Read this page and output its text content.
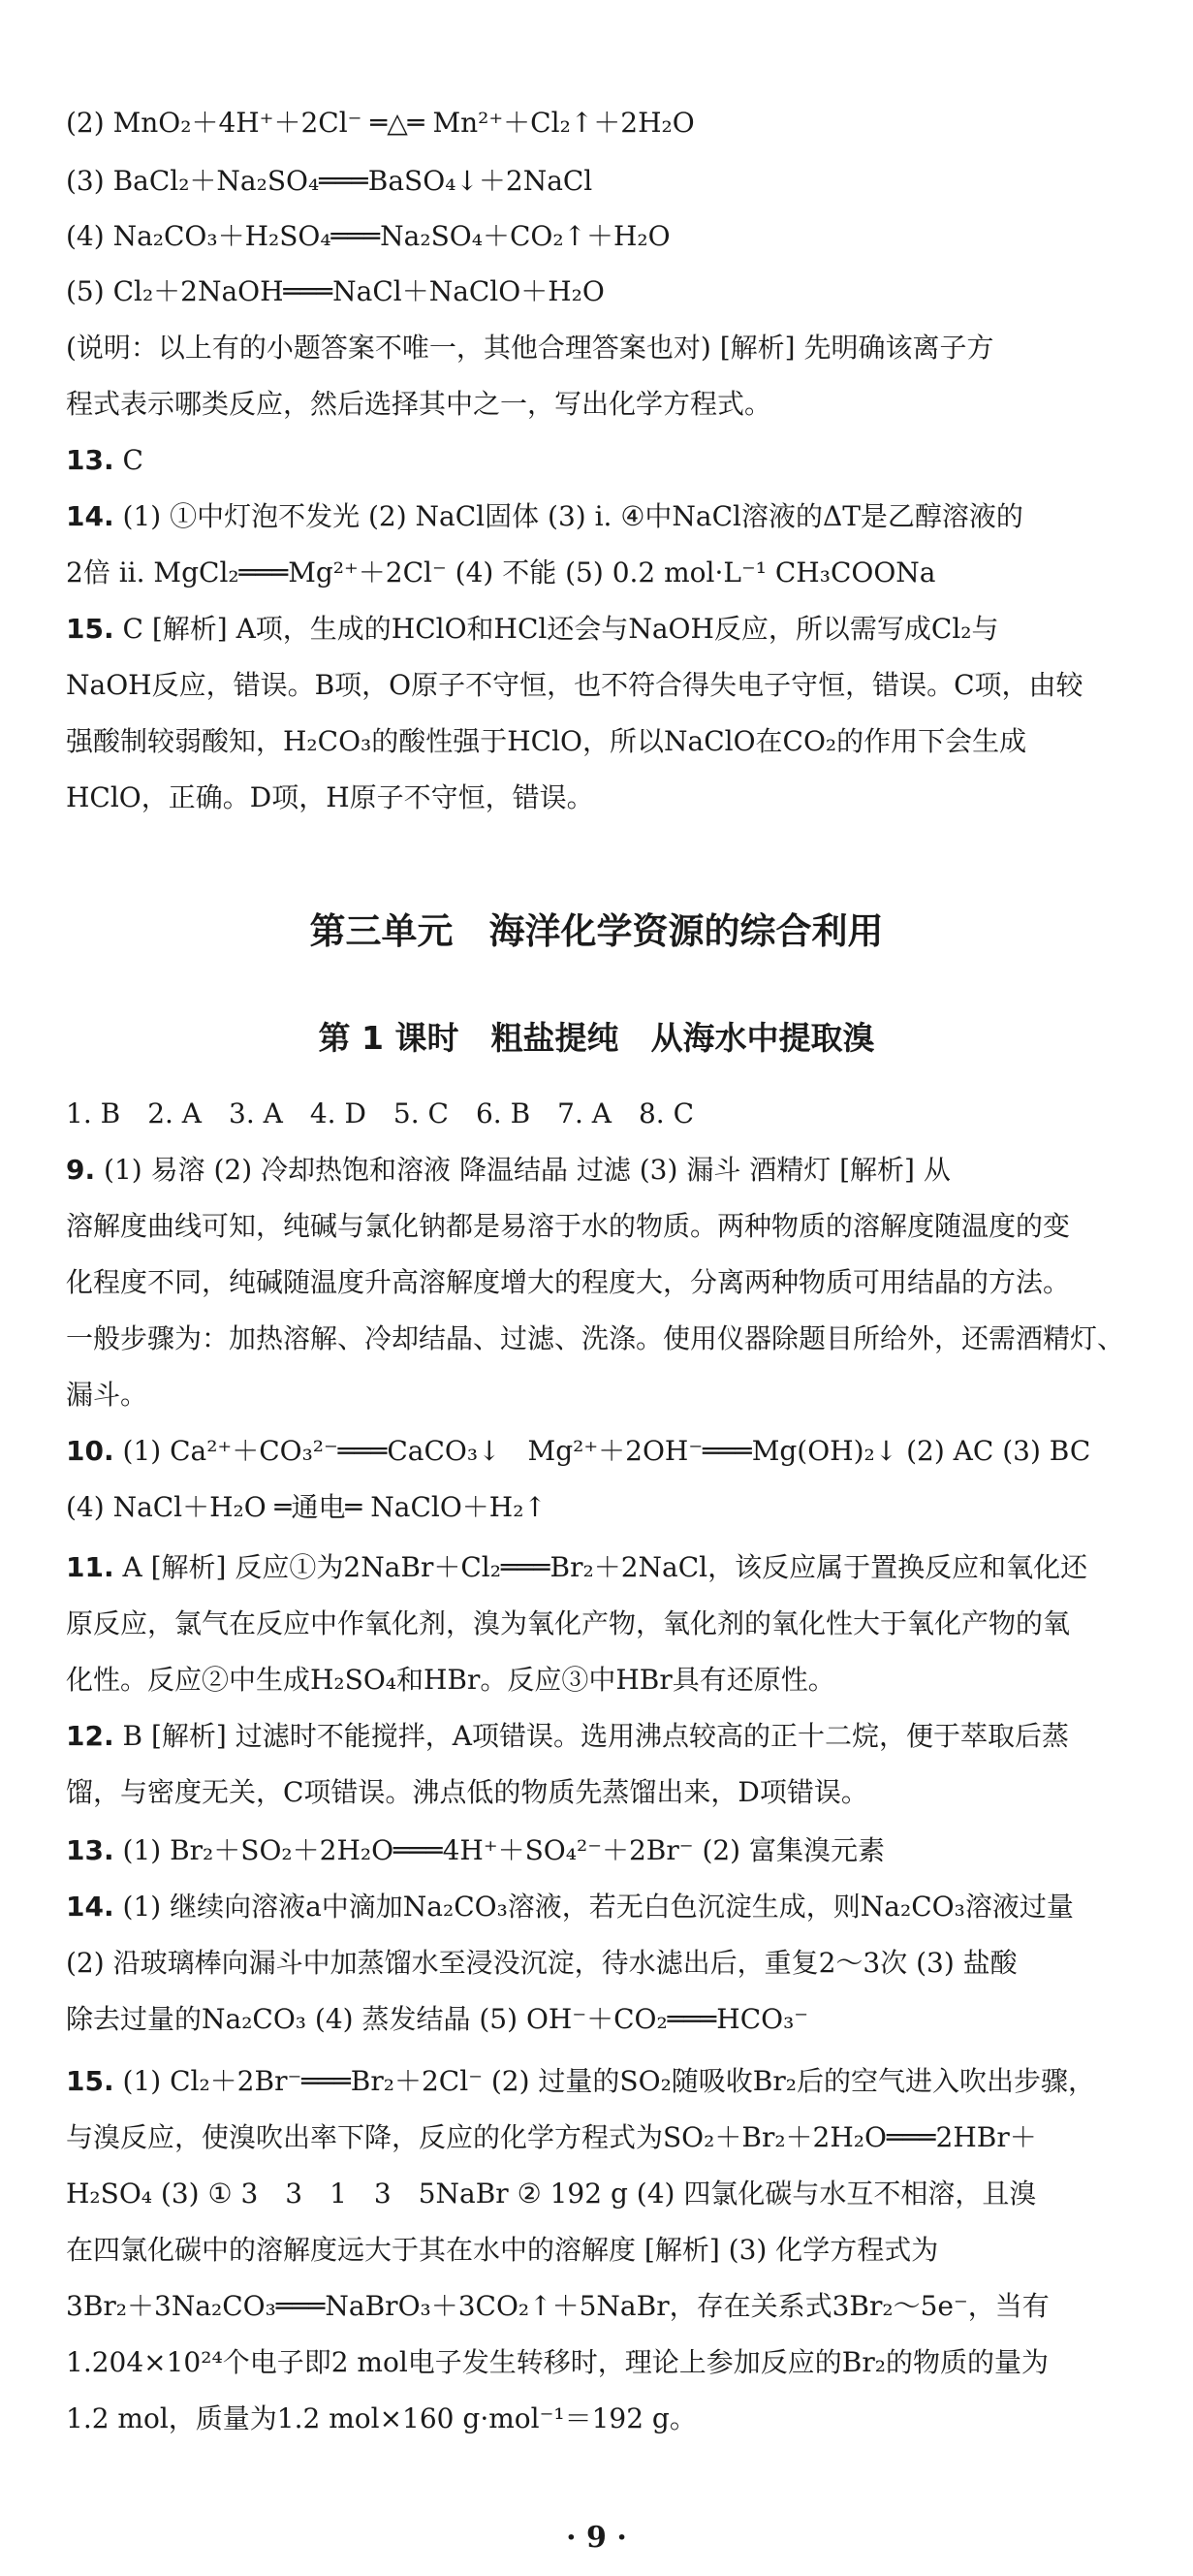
(2) MnO₂＋4H⁺＋2Cl⁻ ═△═ Mn²⁺＋Cl₂↑＋2H₂O
(3) BaCl₂＋Na₂SO₄═══BaSO₄↓＋2NaCl
(4) Na₂CO₃＋H₂SO₄═══Na₂SO₄＋CO₂↑＋H₂O
(5) Cl₂＋2NaOH═══NaCl＋NaClO＋H₂O
(说明：以上有的小题答案不唯一，其他合理答案也对) [解析] 先明确该离子方
程式表示哪类反应，然后选择其中之一，写出化学方程式。
13. C
14. (1) ①中灯泡不发光 (2) NaCl固体 (3) i. ④中NaCl溶液的ΔT是乙醇溶液的
2倍 ii. MgCl₂═══Mg²⁺＋2Cl⁻ (4) 不能 (5) 0.2 mol·L⁻¹ CH₃COONa
15. C [解析] A项，生成的HClO和HCl还会与NaOH反应，所以需写成Cl₂与
NaOH反应，错误。B项，O原子不守恒，也不符合得失电子守恒，错误。C项，由较
强酸制较弱酸知，H₂CO₃的酸性强于HClO，所以NaClO在CO₂的作用下会生成
HClO，正确。D项，H原子不守恒，错误。
第三单元　海洋化学资源的综合利用
第 1 课时　粗盐提纯　从海水中提取溴
1. B　2. A　3. A　4. D　5. C　6. B　7. A　8. C
9. (1) 易溶 (2) 冷却热饱和溶液 降温结晶 过滤 (3) 漏斗 酒精灯 [解析] 从
溶解度曲线可知，纯碱与氯化钠都是易溶于水的物质。两种物质的溶解度随温度的变
化程度不同，纯碱随温度升高溶解度增大的程度大，分离两种物质可用结晶的方法。
一般步骤为：加热溶解、冷却结晶、过滤、洗涤。使用仪器除题目所给外，还需酒精灯、
漏斗。
10. (1) Ca²⁺＋CO₃²⁻═══CaCO₃↓　Mg²⁺＋2OH⁻═══Mg(OH)₂↓ (2) AC (3) BC
(4) NaCl＋H₂O ═通电═ NaClO＋H₂↑
11. A [解析] 反应①为2NaBr＋Cl₂═══Br₂＋2NaCl，该反应属于置换反应和氧化还
原反应，氯气在反应中作氧化剂，溴为氧化产物，氧化剂的氧化性大于氧化产物的氧
化性。反应②中生成H₂SO₄和HBr。反应③中HBr具有还原性。
12. B [解析] 过滤时不能搅拌，A项错误。选用沸点较高的正十二烷，便于萃取后蒸
馏，与密度无关，C项错误。沸点低的物质先蒸馏出来，D项错误。
13. (1) Br₂＋SO₂＋2H₂O═══4H⁺＋SO₄²⁻＋2Br⁻ (2) 富集溴元素
14. (1) 继续向溶液a中滴加Na₂CO₃溶液，若无白色沉淀生成，则Na₂CO₃溶液过量
(2) 沿玻璃棒向漏斗中加蒸馏水至浸没沉淀，待水滤出后，重复2～3次 (3) 盐酸
除去过量的Na₂CO₃ (4) 蒸发结晶 (5) OH⁻＋CO₂═══HCO₃⁻
15. (1) Cl₂＋2Br⁻═══Br₂＋2Cl⁻ (2) 过量的SO₂随吸收Br₂后的空气进入吹出步骤，
与溴反应，使溴吹出率下降，反应的化学方程式为SO₂＋Br₂＋2H₂O═══2HBr＋
H₂SO₄ (3) ① 3　3　1　3　5NaBr ② 192 g (4) 四氯化碳与水互不相溶，且溴
在四氯化碳中的溶解度远大于其在水中的溶解度 [解析] (3) 化学方程式为
3Br₂＋3Na₂CO₃═══NaBrO₃＋3CO₂↑＋5NaBr，存在关系式3Br₂～5e⁻，当有
1.204×10²⁴个电子即2 mol电子发生转移时，理论上参加反应的Br₂的物质的量为
1.2 mol，质量为1.2 mol×160 g·mol⁻¹＝192 g。
· 9 ·
